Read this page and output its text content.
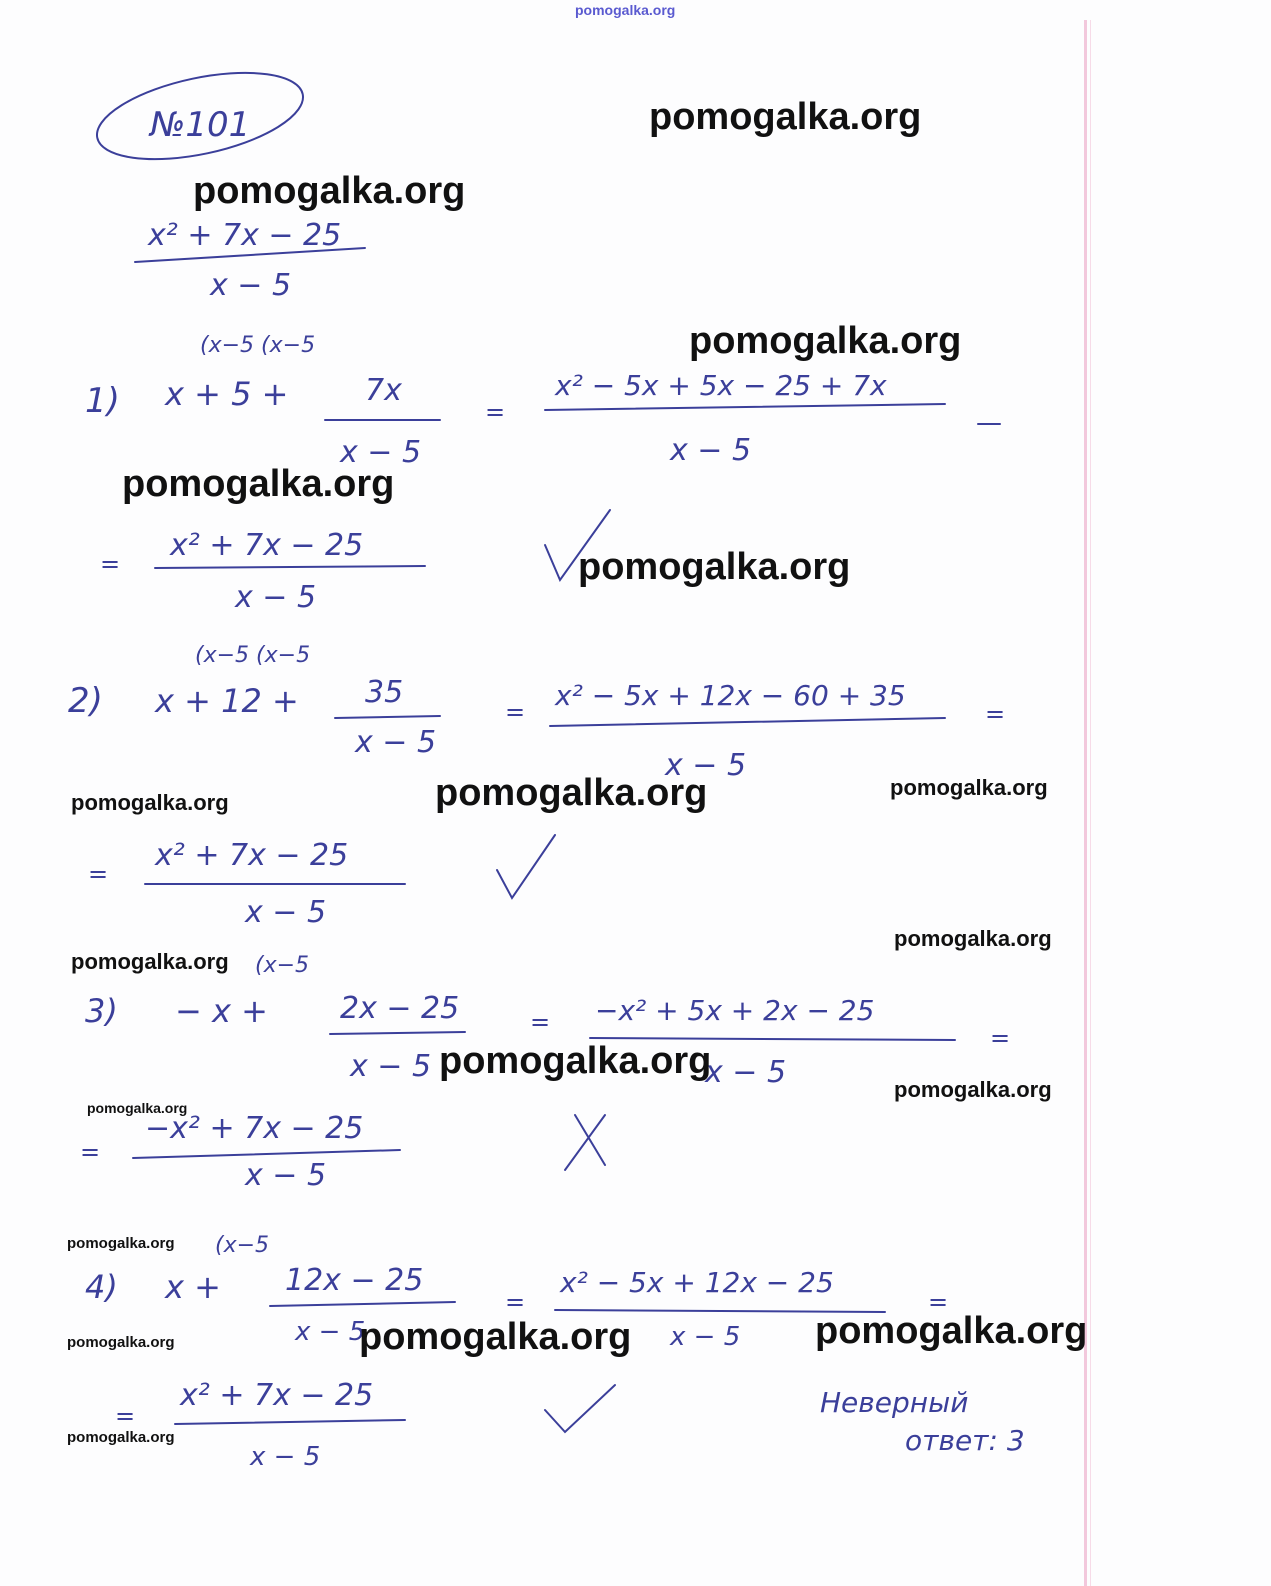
pomogalka.org
№101
x² + 7x − 25
x − 5
(x−5 (x−5
1) x + 5 +	7x
x − 5
=
x² − 5x + 5x − 25 + 7x
x − 5
=
x² + 7x − 25
x − 5
(x−5 (x−5
2) x + 12 + 35
x − 5
= x² − 5x + 12x − 60 + 35
x − 5
=
=
x² + 7x − 25
x − 5
(x−5
3) − x + 2x − 25
x − 5
= −x² + 5x + 2x − 25
x − 5
=
=
−x² + 7x − 25
x − 5
(x−5
4) x + 12x − 25
x − 5
=
x² − 5x + 12x − 25
x − 5
=
=
x² + 7x − 25
x − 5
Неверный
ответ: 3
pomogalka.org
pomogalka.org
pomogalka.org
pomogalka.org
pomogalka.org
pomogalka.org	pomogalka.org	pomogalka.org
pomogalka.org
pomogalka.org
pomogalka.org
pomogalka.org
pomogalka.org
pomogalka.org
pomogalka.org	pomogalka.org	pomogalka.org
pomogalka.org
